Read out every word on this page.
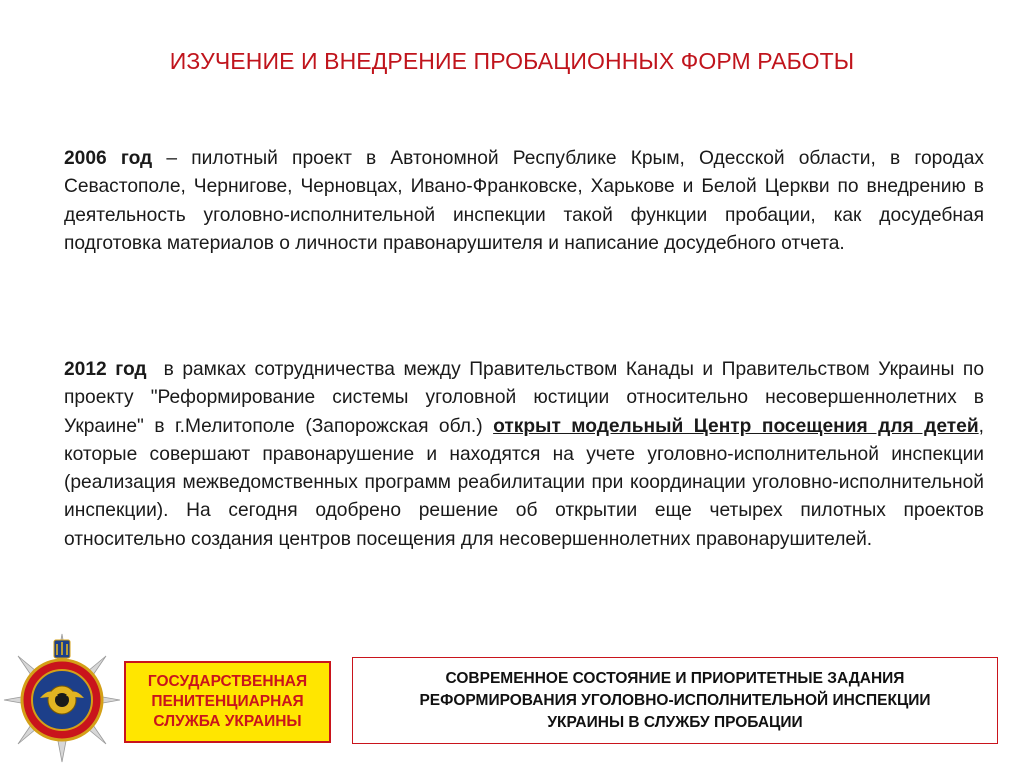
ИЗУЧЕНИЕ И ВНЕДРЕНИЕ ПРОБАЦИОННЫХ ФОРМ РАБОТЫ

2006 год – пилотный проект в Автономной Республике Крым, Одесской области, в городах Севастополе, Чернигове, Черновцах, Ивано-Франковске, Харькове и Белой Церкви по внедрению в деятельность уголовно-исполнительной инспекции такой функции пробации, как досудебная подготовка материалов о личности правонарушителя и написание досудебного отчета.

2012 год  в рамках сотрудничества между Правительством Канады и Правительством Украины по проекту "Реформирование системы уголовной юстиции относительно несовершеннолетних в Украине" в г.Мелитополе (Запорожская обл.) открыт модельный Центр посещения для детей, которые совершают правонарушение и находятся на учете уголовно-исполнительной инспекции (реализация межведомственных программ реабилитации при координации уголовно-исполнительной инспекции). На сегодня одобрено решение об открытии еще четырех пилотных проектов относительно создания центров посещения для несовершеннолетних правонарушителей.

ГОСУДАРСТВЕННАЯ
ПЕНИТЕНЦИАРНАЯ
СЛУЖБА УКРАИНЫ
СОВРЕМЕННОЕ СОСТОЯНИЕ И ПРИОРИТЕТНЫЕ ЗАДАНИЯ
РЕФОРМИРОВАНИЯ УГОЛОВНО-ИСПОЛНИТЕЛЬНОЙ ИНСПЕКЦИИ
УКРАИНЫ В СЛУЖБУ ПРОБАЦИИ
